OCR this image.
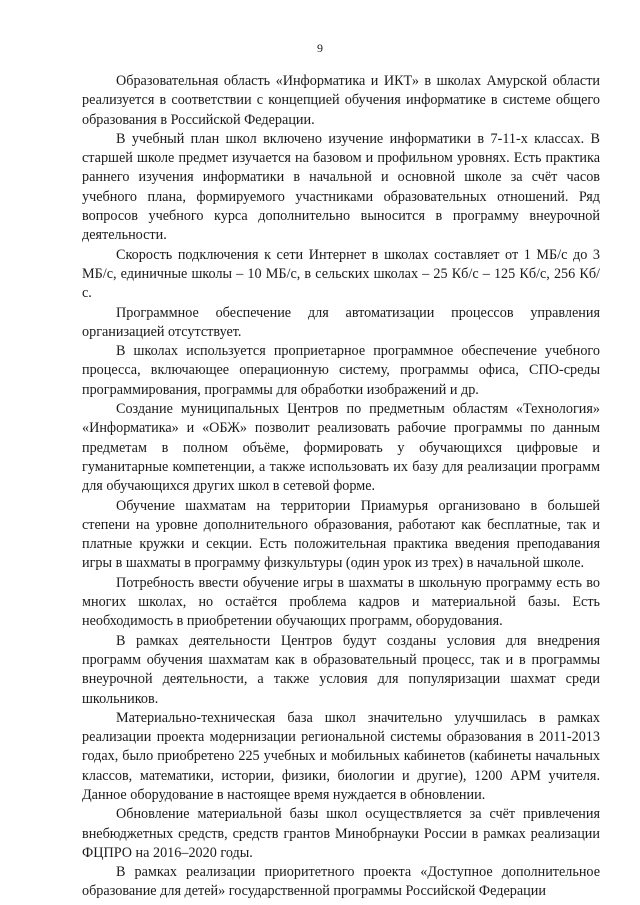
9

Образовательная область «Информатика и ИКТ» в школах Амурской области реализуется в соответствии с концепцией обучения информатике в системе общего образования в Российской Федерации.

В учебный план школ включено изучение информатики в 7-11-х классах. В старшей школе предмет изучается на базовом и профильном уровнях. Есть практика раннего изучения информатики в начальной и основной школе за счёт часов учебного плана, формируемого участниками образовательных отношений. Ряд вопросов учебного курса дополнительно выносится в программу внеурочной деятельности.

Скорость подключения к сети Интернет в школах составляет от 1 МБ/с до 3 МБ/с, единичные школы – 10 МБ/с, в сельских школах – 25 Кб/с – 125 Кб/с, 256 Кб/с.

Программное обеспечение для автоматизации процессов управления организацией отсутствует.

В школах используется проприетарное программное обеспечение учебного процесса, включающее операционную систему, программы офиса, СПО-среды программирования, программы для обработки изображений и др.

Создание муниципальных Центров по предметным областям «Технология» «Информатика» и «ОБЖ» позволит реализовать рабочие программы по данным предметам в полном объёме, формировать у обучающихся цифровые и гуманитарные компетенции, а также использовать их базу для реализации программ для обучающихся других школ в сетевой форме.

Обучение шахматам на территории Приамурья организовано в большей степени на уровне дополнительного образования, работают как бесплатные, так и платные кружки и секции. Есть положительная практика введения преподавания игры в шахматы в программу физкультуры (один урок из трех) в начальной школе.

Потребность ввести обучение игры в шахматы в школьную программу есть во многих школах, но остаётся проблема кадров и материальной базы. Есть необходимость в приобретении обучающих программ, оборудования.

В рамках деятельности Центров будут созданы условия для внедрения программ обучения шахматам как в образовательный процесс, так и в программы внеурочной деятельности, а также условия для популяризации шахмат среди школьников.

Материально-техническая база школ значительно улучшилась в рамках реализации проекта модернизации региональной системы образования в 2011-2013 годах, было приобретено 225 учебных и мобильных кабинетов (кабинеты начальных классов, математики, истории, физики, биологии и другие), 1200 АРМ учителя. Данное оборудование в настоящее время нуждается в обновлении.

Обновление материальной базы школ осуществляется за счёт привлечения внебюджетных средств, средств грантов Минобрнауки России в рамках реализации ФЦПРО на 2016–2020 годы.

В рамках реализации приоритетного проекта «Доступное дополнительное образование для детей» государственной программы Российской Федерации
